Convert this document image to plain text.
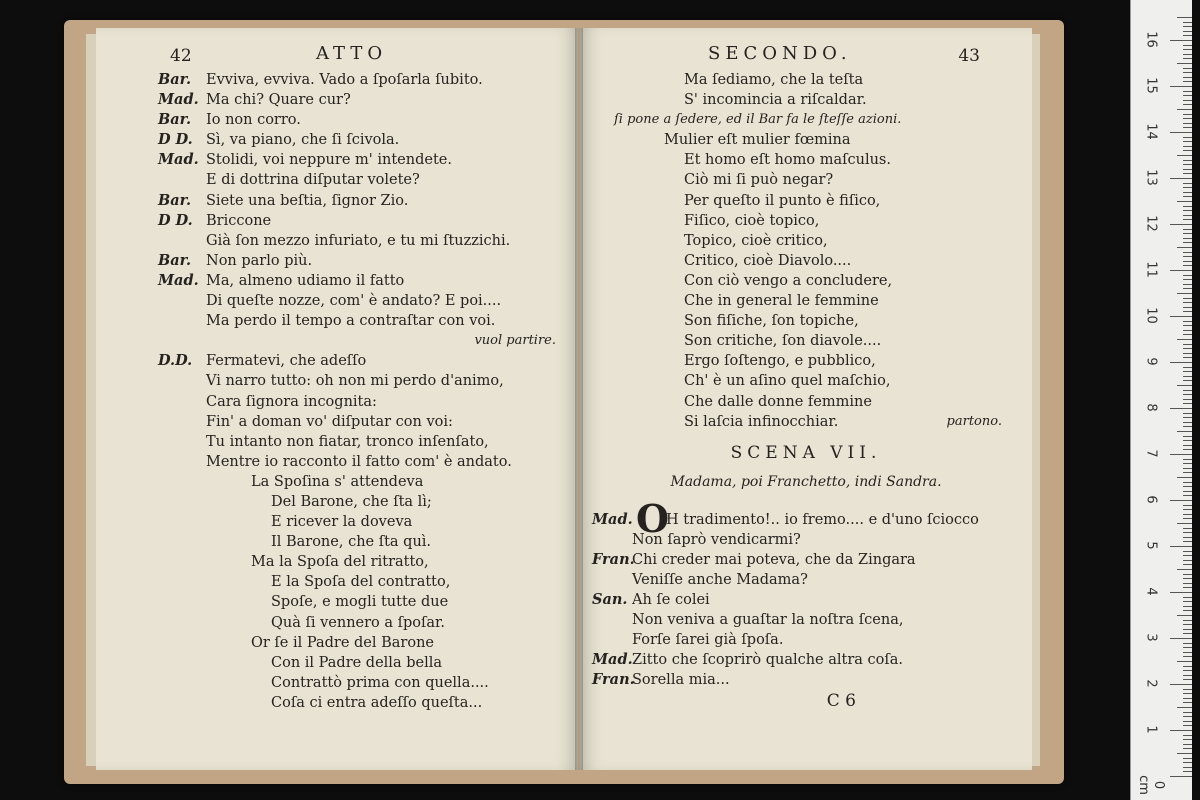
42	ATTO
Bar. Evviva, evviva. Vado a ſpoſarla ſubito.
Mad. Ma chi? Quare cur?
Bar. Io non corro.
D D. Sì, va piano, che ſi ſcivola.
Mad. Stolidi, voi neppure m' intendete.
E di dottrina diſputar volete?
Bar. Siete una beſtia, ſignor Zio.
D D. Briccone
Già ſon mezzo infuriato, e tu mi ſtuzzichi.
Bar. Non parlo più.
Mad. Ma, almeno udiamo il fatto
Di queſte nozze, com' è andato? E poi....
Ma perdo il tempo a contraſtar con voi.
vuol partire.
D.D. Fermatevi, che adeſſo
Vi narro tutto: oh non mi perdo d'animo,
Cara ſignora incognita:
Fin' a doman vo' diſputar con voi:
Tu intanto non fiatar, tronco inſenſato,
Mentre io racconto il fatto com' è andato.
La Spoſina s' attendeva
Del Barone, che ſta lì;
E ricever la doveva
Il Barone, che ſta quì.
Ma la Spoſa del ritratto,
E la Spoſa del contratto,
Spoſe, e mogli tutte due
Quà ſi vennero a ſpoſar.
Or ſe il Padre del Barone
Con il Padre della bella
Contrattò prima con quella....
Coſa ci entra adeſſo queſta...
SECONDO.	43
Ma ſediamo, che la teſta
S' incomincia a riſcaldar.
ſi pone a ſedere, ed il Bar fa le ſteſſe azioni.
Mulier eſt mulier fœmina
Et homo eſt homo maſculus.
Ciò mi ſi può negar?
Per queſto il punto è fiſico,
Fiſico, cioè topico,
Topico, cioè critico,
Critico, cioè Diavolo....
Con ciò vengo a concludere,
Che in general le femmine
Son fiſiche, ſon topiche,
Son critiche, ſon diavole....
Ergo ſoſtengo, e pubblico,
Ch' è un aſino quel maſchio,
Che dalle donne femmine
Si laſcia infinocchiar.	partono.
SCENA VII.
Madama, poi Franchetto, indi Sandra.
Mad. O
H tradimento!.. io fremo.... e d'uno ſciocco
Non ſaprò vendicarmi?
Fran.
Chi creder mai poteva, che da Zingara
Veniſſe anche Madama?
San. Ah ſe colei
Non veniva a guaſtar la noſtra ſcena,
Forſe ſarei già ſpoſa.
Mad. Zitto che ſcoprirò qualche altra coſa.
Fran.
Sorella mia...
C 6
0 cm
1
2
3
4
5
6
7
8
9
10
11
12
13
14
15
16
